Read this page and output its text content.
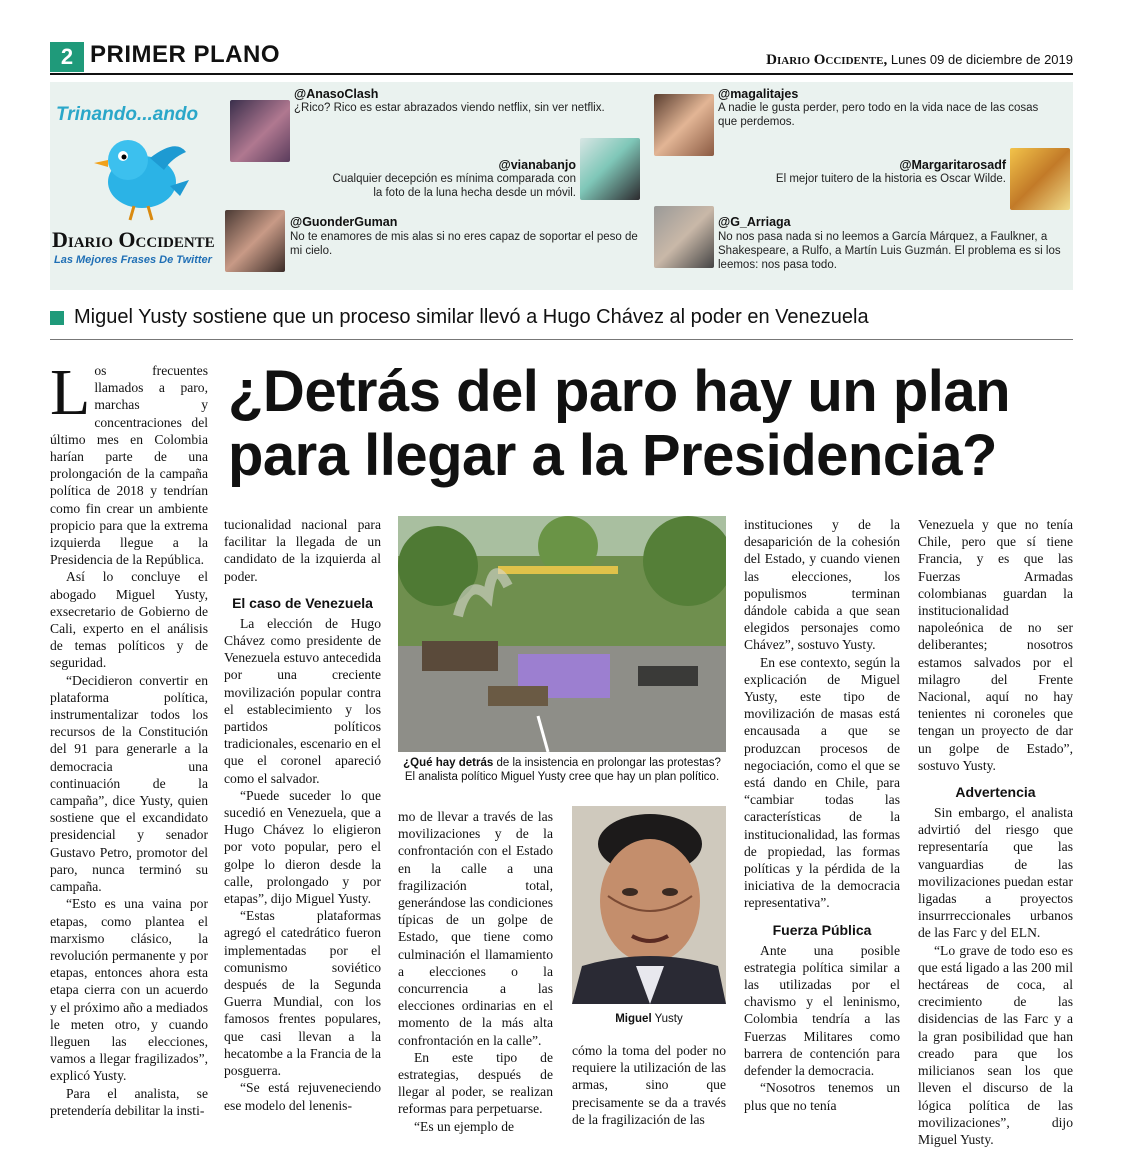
2 PRIMER PLANO	Diario Occidente, Lunes 09 de diciembre de 2019
Trinando...ando
Diario Occidente
Las Mejores Frases De Twitter
@AnasoClash
¿Rico? Rico es estar abrazados viendo netflix, sin ver netflix.
@vianabanjo
Cualquier decepción es mínima comparada con la foto de la luna hecha desde un móvil.
@GuonderGuman
No te enamores de mis alas si no eres capaz de soportar el peso de mi cielo.
@magalitajes
A nadie le gusta perder, pero todo en la vida nace de las cosas que perdemos.
@Margaritarosadf
El mejor tuitero de la historia es Oscar Wilde.
@G_Arriaga
No nos pasa nada si no leemos a García Márquez, a Faulkner, a Shakespeare, a Rulfo, a Martín Luis Guzmán. El problema es si los leemos: nos pasa todo.
Miguel Yusty sostiene que un proceso similar llevó a Hugo Chávez al poder en Venezuela
¿Detrás del paro hay un plan para llegar a la Presidencia?
L os frecuentes llamados a paro, marchas y concentraciones del último mes en Colombia harían parte de una prolongación de la campaña política de 2018 y tendrían como fin crear un ambiente propicio para que la extrema izquierda llegue a la Presidencia de la República.

Así lo concluye el abogado Miguel Yusty, exsecretario de Gobierno de Cali, experto en el análisis de temas políticos y de seguridad.

“Decidieron convertir en plataforma política, instrumentalizar todos los recursos de la Constitución del 91 para generarle a la democracia una continuación de la campaña”, dice Yusty, quien sostiene que el excandidato presidencial y senador Gustavo Petro, promotor del paro, nunca terminó su campaña.

“Esto es una vaina por etapas, como plantea el marxismo clásico, la revolución permanente y por etapas, entonces ahora esta etapa cierra con un acuerdo y el próximo año a mediados le meten otro, y cuando lleguen las elecciones, vamos a llegar fragilizados”, explicó Yusty.

Para el analista, se pretendería debilitar la insti-

tucionalidad nacional para facilitar la llegada de un candidato de la izquierda al poder.

El caso de Venezuela

La elección de Hugo Chávez como presidente de Venezuela estuvo antecedida por una creciente movilización popular contra el establecimiento y los partidos políticos tradicionales, escenario en el que el coronel apareció como el salvador.

“Puede suceder lo que sucedió en Venezuela, que a Hugo Chávez lo eligieron por voto popular, pero el golpe lo dieron desde la calle, prolongado y por etapas”, dijo Miguel Yusty.

“Estas plataformas agregó el catedrático fueron implementadas por el comunismo soviético después de la Segunda Guerra Mundial, con los famosos frentes populares, que casi llevan a la hecatombe a la Francia de la posguerra.

“Se está rejuveneciendo ese modelo del lenenis-

¿Qué hay detrás de la insistencia en prolongar las protestas? El analista político Miguel Yusty cree que hay un plan político.

mo de llevar a través de las movilizaciones y de la confrontación con el Estado en la calle a una fragilización total, generándose las condiciones típicas de un golpe de Estado, que tiene como culminación el llamamiento a elecciones o la concurrencia a las elecciones ordinarias en el momento de la más alta confrontación en la calle”.

En este tipo de estrategias, después de llegar al poder, se realizan reformas para perpetuarse.

“Es un ejemplo de

Miguel Yusty

cómo la toma del poder no requiere la utilización de las armas, sino que precisamente se da a través de la fragilización de las

instituciones y de la desaparición de la cohesión del Estado, y cuando vienen las elecciones, los populismos terminan dándole cabida a que sean elegidos personajes como Chávez”, sostuvo Yusty.

En ese contexto, según la explicación de Miguel Yusty, este tipo de movilización de masas está encausada a que se produzcan procesos de negociación, como el que se está dando en Chile, para “cambiar todas las características de la institucionalidad, las formas de propiedad, las formas políticas y la pérdida de la iniciativa de la democracia representativa”.

Fuerza Pública

Ante una posible estrategia política similar a las utilizadas por el chavismo y el leninismo, Colombia tendría a las Fuerzas Militares como barrera de contención para defender la democracia.

“Nosotros tenemos un plus que no tenía

Venezuela y que no tenía Chile, pero que sí tiene Francia, y es que las Fuerzas Armadas colombianas guardan la institucionalidad napoleónica de no ser deliberantes; nosotros estamos salvados por el milagro del Frente Nacional, aquí no hay tenientes ni coroneles que tengan un proyecto de dar un golpe de Estado”, sostuvo Yusty.

Advertencia

Sin embargo, el analista advirtió del riesgo que representaría que las vanguardias de las movilizaciones puedan estar ligadas a proyectos insurrreccionales urbanos de las Farc y del ELN.

“Lo grave de todo eso es que está ligado a las 200 mil hectáreas de coca, al crecimiento de las disidencias de las Farc y a la gran posibilidad que han creado para que los milicianos sean los que lleven el discurso de la lógica política de las movilizaciones”, dijo Miguel Yusty.
